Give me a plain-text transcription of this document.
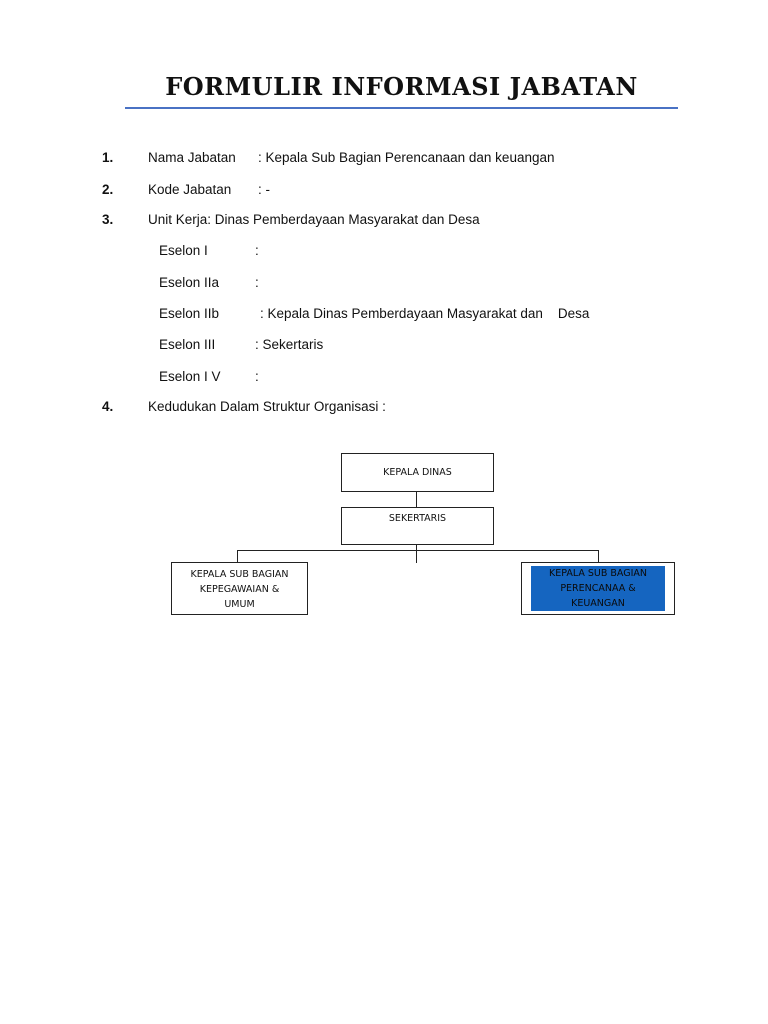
FORMULIR INFORMASI JABATAN
1.	Nama Jabatan : Kepala Sub Bagian Perencanaan dan keuangan
2.	Kode Jabatan : -
3.	Unit Kerja: Dinas Pemberdayaan Masyarakat dan Desa
Eselon I	:
Eselon IIa	:
Eselon IIb	: Kepala Dinas Pemberdayaan Masyarakat dan    Desa
Eselon III	: Sekertaris
Eselon I V	:
4.	Kedudukan Dalam Struktur Organisasi :
KEPALA DINAS
SEKERTARIS
KEPALA SUB BAGIAN
KEPEGAWAIAN &
UMUM
KEPALA SUB BAGIAN
PERENCANAA &
KEUANGAN
